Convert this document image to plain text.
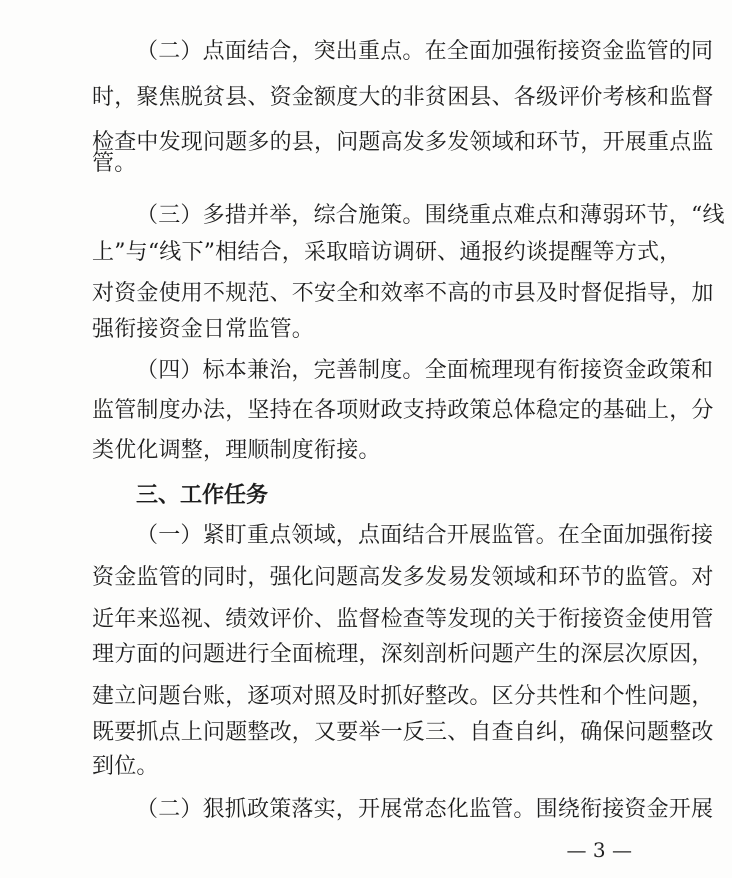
（二）点面结合，突出重点。在全面加强衔接资金监管的同
时，聚焦脱贫县、资金额度大的非贫困县、各级评价考核和监督
检查中发现问题多的县，问题高发多发领域和环节，开展重点监
管。
（三）多措并举，综合施策。围绕重点难点和薄弱环节，“线
上”与“线下”相结合，采取暗访调研、通报约谈提醒等方式，
对资金使用不规范、不安全和效率不高的市县及时督促指导，加
强衔接资金日常监管。
（四）标本兼治，完善制度。全面梳理现有衔接资金政策和
监管制度办法，坚持在各项财政支持政策总体稳定的基础上，分
类优化调整，理顺制度衔接。
三、工作任务
（一）紧盯重点领域，点面结合开展监管。在全面加强衔接
资金监管的同时，强化问题高发多发易发领域和环节的监管。对
近年来巡视、绩效评价、监督检查等发现的关于衔接资金使用管
理方面的问题进行全面梳理，深刻剖析问题产生的深层次原因，
建立问题台账，逐项对照及时抓好整改。区分共性和个性问题，
既要抓点上问题整改，又要举一反三、自查自纠，确保问题整改
到位。
（二）狠抓政策落实，开展常态化监管。围绕衔接资金开展
— 3 —
